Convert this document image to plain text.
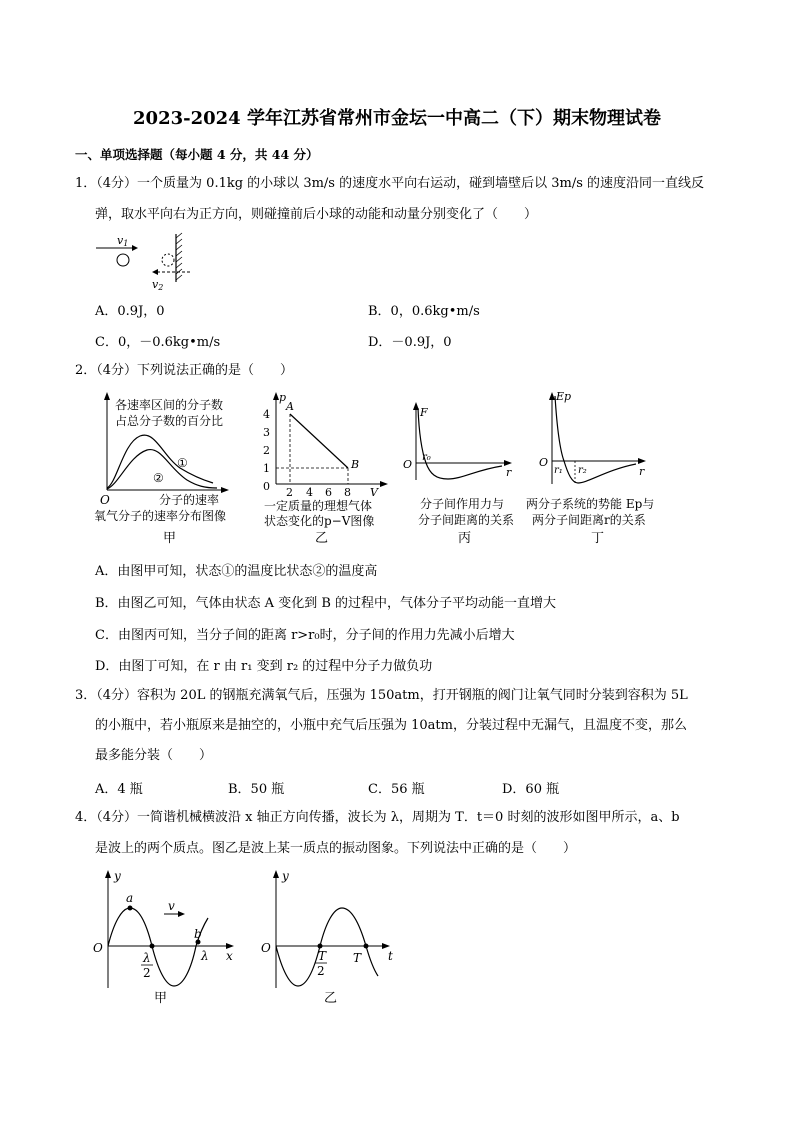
2023-2024 学年江苏省常州市金坛一中高二（下）期末物理试卷
一、单项选择题（每小题 4 分，共 44 分）
1．（4分）一个质量为 0.1kg 的小球以 3m/s 的速度水平向右运动，碰到墙壁后以 3m/s 的速度沿同一直线反
弹，取水平向右为正方向，则碰撞前后小球的动能和动量分别变化了（　　）
v1
v2
A．0.9J，0	B．0，0.6kg•m/s
C．0，－0.6kg•m/s	D．－0.9J，0
2．（4分）下列说法正确的是（　　）
各速率区间的分子数
占总分子数的百分比
①
②
O	分子的速率
氧气分子的速率分布图像
甲
p
4
3
2
1
0 2 4 6 8 V
A
B
一定质量的理想气体
状态变化的p−V图像
乙
F
O
r₀
r
分子间作用力与
分子间距离的关系
丙
Ep
O
r₁ r₂	r
两分子系统的势能 Ep与
两分子间距离r的关系
丁
A．由图甲可知，状态①的温度比状态②的温度高
B．由图乙可知，气体由状态 A 变化到 B 的过程中，气体分子平均动能一直增大
C．由图丙可知，当分子间的距离 r>r₀时，分子间的作用力先减小后增大
D．由图丁可知，在 r 由 r₁ 变到 r₂ 的过程中分子力做负功
3．（4分）容积为 20L 的钢瓶充满氧气后，压强为 150atm，打开钢瓶的阀门让氧气同时分装到容积为 5L
的小瓶中，若小瓶原来是抽空的，小瓶中充气后压强为 10atm，分装过程中无漏气，且温度不变，那么
最多能分装（　　）
A．4 瓶	B．50 瓶	C．56 瓶	D．60 瓶
4．（4分）一简谐机械横波沿 x 轴正方向传播，波长为 λ，周期为 T．t＝0 时刻的波形如图甲所示，a、b
是波上的两个质点。图乙是波上某一质点的振动图象。下列说法中正确的是（　　）
y
a
v
b
O
λ
2
λ x
甲
y
O
T
2
T t
乙
